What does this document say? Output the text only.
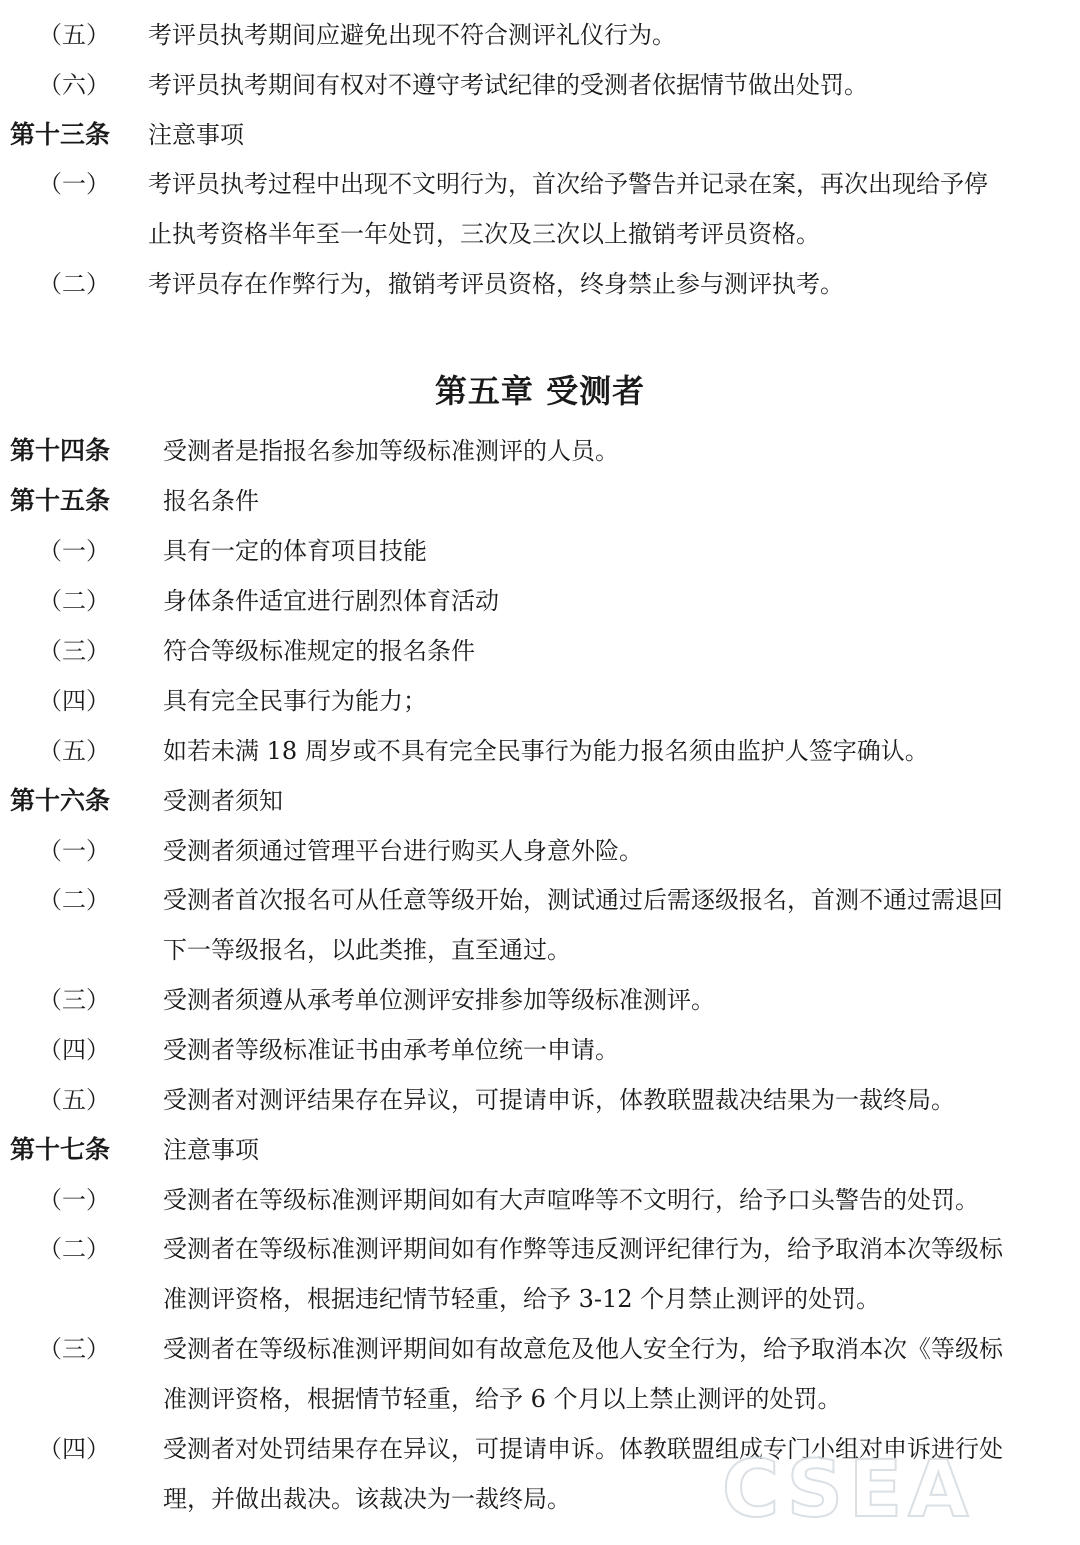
（五） 考评员执考期间应避免出现不符合测评礼仪行为。
（六） 考评员执考期间有权对不遵守考试纪律的受测者依据情节做出处罚。
第十三条 注意事项
（一） 考评员执考过程中出现不文明行为，首次给予警告并记录在案，再次出现给予停
止执考资格半年至一年处罚，三次及三次以上撤销考评员资格。
（二） 考评员存在作弊行为，撤销考评员资格，终身禁止参与测评执考。
第五章 受测者
第十四条 受测者是指报名参加等级标准测评的人员。
第十五条 报名条件
（一） 具有一定的体育项目技能
（二） 身体条件适宜进行剧烈体育活动
（三） 符合等级标准规定的报名条件
（四） 具有完全民事行为能力；
（五） 如若未满 18 周岁或不具有完全民事行为能力报名须由监护人签字确认。
第十六条 受测者须知
（一） 受测者须通过管理平台进行购买人身意外险。
（二） 受测者首次报名可从任意等级开始，测试通过后需逐级报名，首测不通过需退回
下一等级报名，以此类推，直至通过。
（三） 受测者须遵从承考单位测评安排参加等级标准测评。
（四） 受测者等级标准证书由承考单位统一申请。
（五） 受测者对测评结果存在异议，可提请申诉，体教联盟裁决结果为一裁终局。
第十七条 注意事项
（一） 受测者在等级标准测评期间如有大声喧哗等不文明行，给予口头警告的处罚。
（二） 受测者在等级标准测评期间如有作弊等违反测评纪律行为，给予取消本次等级标
准测评资格，根据违纪情节轻重，给予 3-12 个月禁止测评的处罚。
（三） 受测者在等级标准测评期间如有故意危及他人安全行为，给予取消本次《等级标
准测评资格，根据情节轻重，给予 6 个月以上禁止测评的处罚。
（四） 受测者对处罚结果存在异议，可提请申诉。体教联盟组成专门小组对申诉进行处
理，并做出裁决。该裁决为一裁终局。 CSEA
